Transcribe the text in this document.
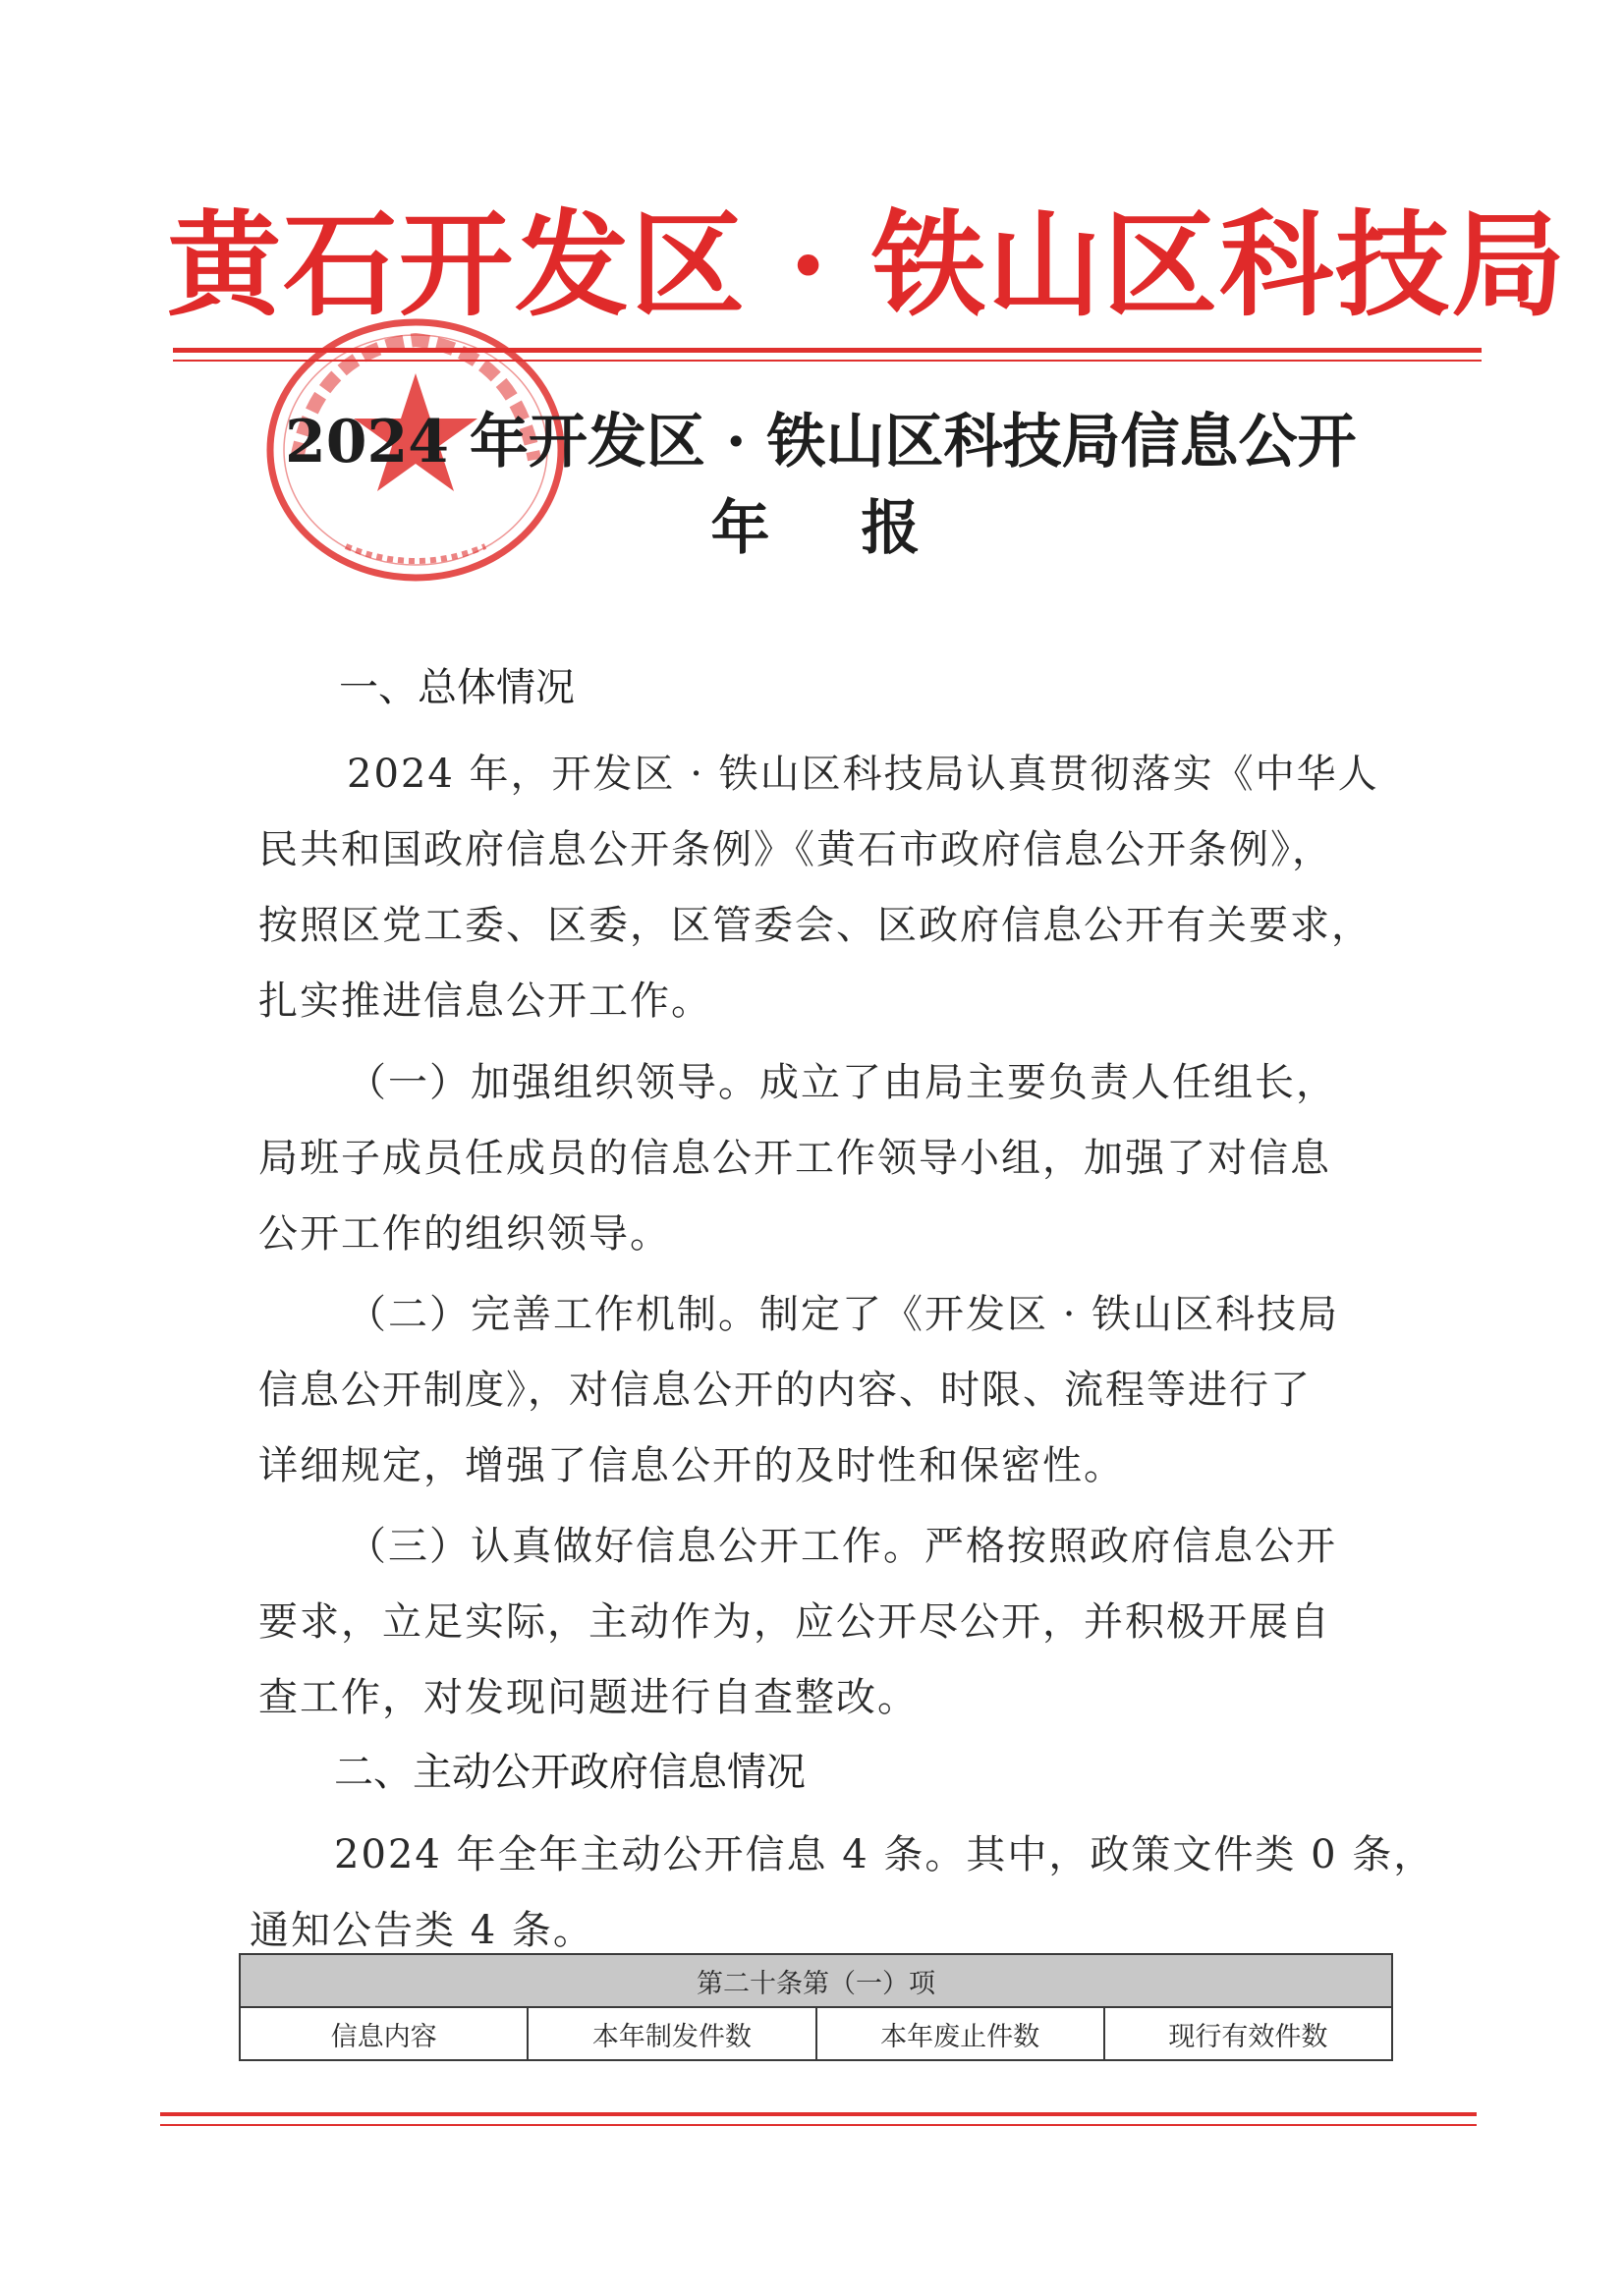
黄石开发区 · 铁山区科技局
2024 年开发区 · 铁山区科技局信息公开
年 报
一、总体情况
2024 年，开发区 · 铁山区科技局认真贯彻落实《中华人
民共和国政府信息公开条例》《黄石市政府信息公开条例》，
按照区党工委、区委，区管委会、区政府信息公开有关要求，
扎实推进信息公开工作。
（一）加强组织领导。成立了由局主要负责人任组长，
局班子成员任成员的信息公开工作领导小组，加强了对信息
公开工作的组织领导。
（二）完善工作机制。制定了《开发区 · 铁山区科技局
信息公开制度》，对信息公开的内容、时限、流程等进行了
详细规定，增强了信息公开的及时性和保密性。
（三）认真做好信息公开工作。严格按照政府信息公开
要求，立足实际，主动作为，应公开尽公开，并积极开展自
查工作，对发现问题进行自查整改。
二、主动公开政府信息情况
2024 年全年主动公开信息 4 条。其中，政策文件类 0 条，
通知公告类 4 条。
第二十条第（一）项
信息内容	本年制发件数	本年废止件数	现行有效件数
